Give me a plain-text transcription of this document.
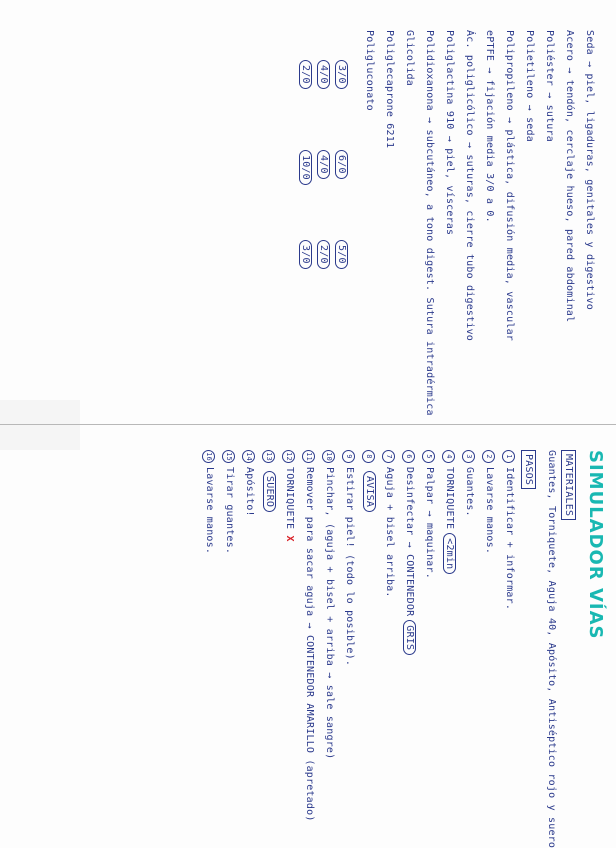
SIMULADOR VÍAS
MATERIALES
Guantes, Torniquete, Aguja 40, Apósito, Antiséptico rojo y suero
PASOS
1Identificar + informar.
2Lavarse manos.
3Guantes.
4TORNIQUETE<2min
5Palpar → maquinar.
6Desinfectar → CONTENEDORGRIS
7Aguja + bisel arriba.
8AVISA
9Estirar piel! (todo lo posible).
10Pinchar, (aguja + bisel + arriba → sale sangre)
11Remover para sacar aguja → CONTENEDOR AMARILLO (apretado)
12TORNIQUETE X
13SUERO
14Apósito!
15Tirar guantes.
16Lavarse manos.
Seda → piel, ligaduras, genitales y digestivo
Acero → tendón, cerclaje hueso, pared abdominal
Poliéster → sutura
Polietileno → seda
Polipropileno → plástica, difusión media, vascular
ePTFE → fijación media 3/0 a 0.
Ác. poliglicólico → suturas, cierre tubo digestivo
Poliglactina 910 → piel, vísceras
Polidioxanona → subcutáneo, a tono digest. Sutura intradérmica
Glicolida
Poliglecaprone 6211
Poligluconato
3/0
4/0
2/0
6/0
4/0
10/0
5/0
2/0
3/0
